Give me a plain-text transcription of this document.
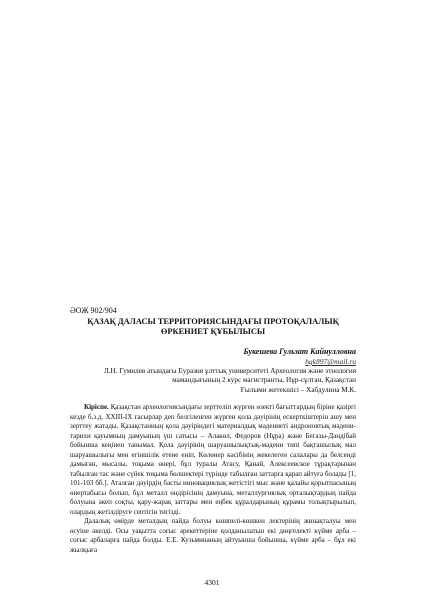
ӘОЖ 902/904
ҚАЗАҚ ДАЛАСЫ ТЕРРИТОРИЯСЫНДАҒЫ ПРОТОҚАЛАЛЫҚ ӨРКЕНИЕТ ҚҰБЫЛЫСЫ
Букешева Гульзат Кайнулловна
bgk897@mail.ru
Л.Н. Гумилев атындағы Еуразия ұлттық университеті Археология және этнология
мамандығының 2 курс магистранты, Нұр-сұлтан, Қазақстан
Ғылыми жетекшісі – Хабдулина М.К.

Кіріспе. Қазақстан археологиясындағы зерттеліп жүрген өзекті бағыттардың біріне қазіргі кезде б.з.д. XXIII-IX ғасырлар деп белгіленген жүрген қола дәуірінің ескерткіштерін ашу мен зерттеу жатады. Қазақстанның қола дәуіріндегі материалдық мәдениеті андроновтық мәдени-тарихи қауымның дамуының үш сатысы – Алакөл, Федоров (Нұра) және Бегазы-Дәндібай бойынша кеңінен танымал. Қола дәуірінің шаруашылықтық-мәдени типі бақташылық мал шаруашылығы мен егіншілік етене еніп, Көлөнер кәсібінің жекелеген салалары да белсенді дамыған, мысалы, тоқыма өнері, бұл туралы Атасу, Қанай, Алексеевское тұрақтарынан табылған тас және сүйек тоқыма бөлшектері түрінде табылған заттарға қарап айтуға болады [1, 101-103 бб.]. Аталған дәуірдің басты инновациялық жетістігі мыс және қалайы қорытпасының өнертабысы болып, бұл металл өндірісінің дамуына, металлургиялық орталықтардың пайда болуына әкеп соқты, қару-жарақ заттары мен еңбек құралдарының құрамы толықтырылып, олардың жетілдіруге септігін тигізді.

Далалық өмірде металдың пайда болуы көшпелі-көшкен лектерінің жинақталуы мен өсуіне әкелді. Осы уақытта соғыс әрекеттеріне қолданылатын екі дөңгелекті күйме арба – соғыс арбаларға пайда болды. Е.Е. Кузьминаның айтуынша бойынша, күйме арба – бұл екі жылқыға

4301
